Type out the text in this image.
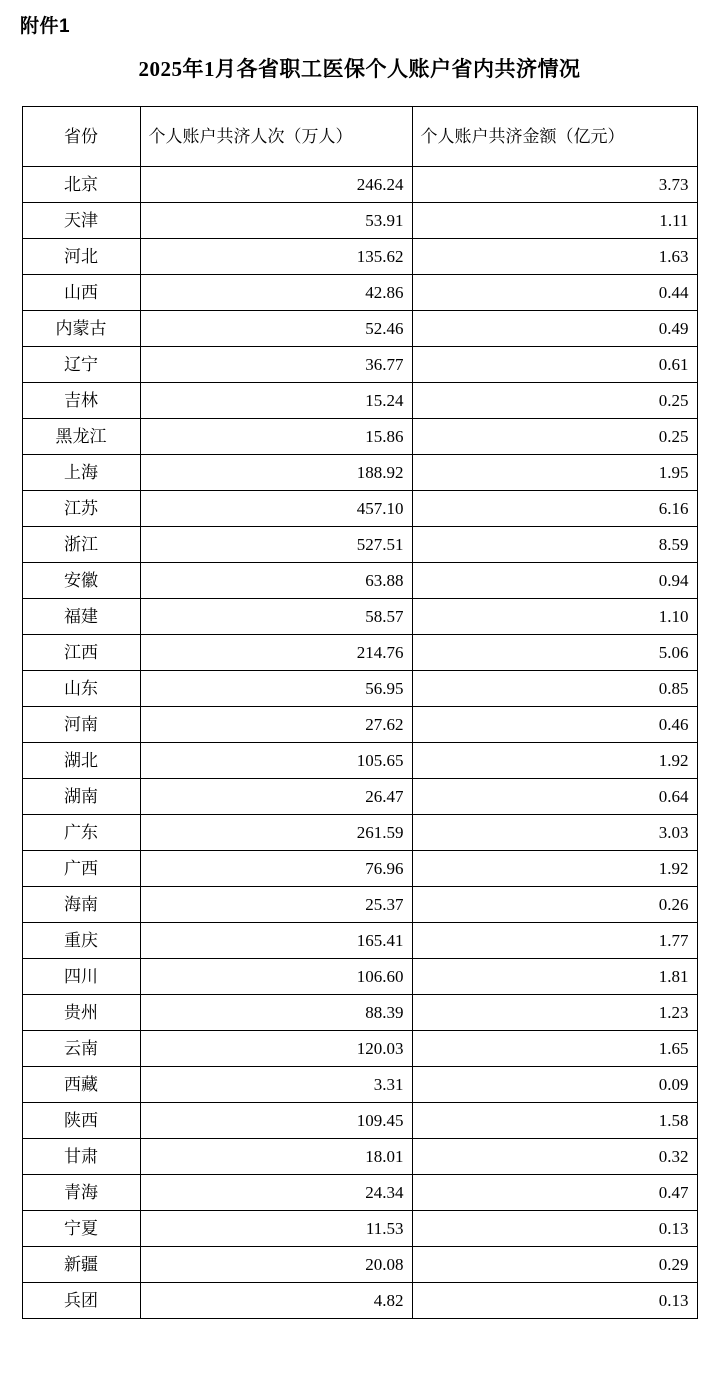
附件1
2025年1月各省职工医保个人账户省内共济情况
省份	个人账户共济人次（万人）	个人账户共济金额（亿元）
北京	246.24	3.73
天津	53.91	1.11
河北	135.62	1.63
山西	42.86	0.44
内蒙古	52.46	0.49
辽宁	36.77	0.61
吉林	15.24	0.25
黑龙江	15.86	0.25
上海	188.92	1.95
江苏	457.10	6.16
浙江	527.51	8.59
安徽	63.88	0.94
福建	58.57	1.10
江西	214.76	5.06
山东	56.95	0.85
河南	27.62	0.46
湖北	105.65	1.92
湖南	26.47	0.64
广东	261.59	3.03
广西	76.96	1.92
海南	25.37	0.26
重庆	165.41	1.77
四川	106.60	1.81
贵州	88.39	1.23
云南	120.03	1.65
西藏	3.31	0.09
陕西	109.45	1.58
甘肃	18.01	0.32
青海	24.34	0.47
宁夏	11.53	0.13
新疆	20.08	0.29
兵团	4.82	0.13
